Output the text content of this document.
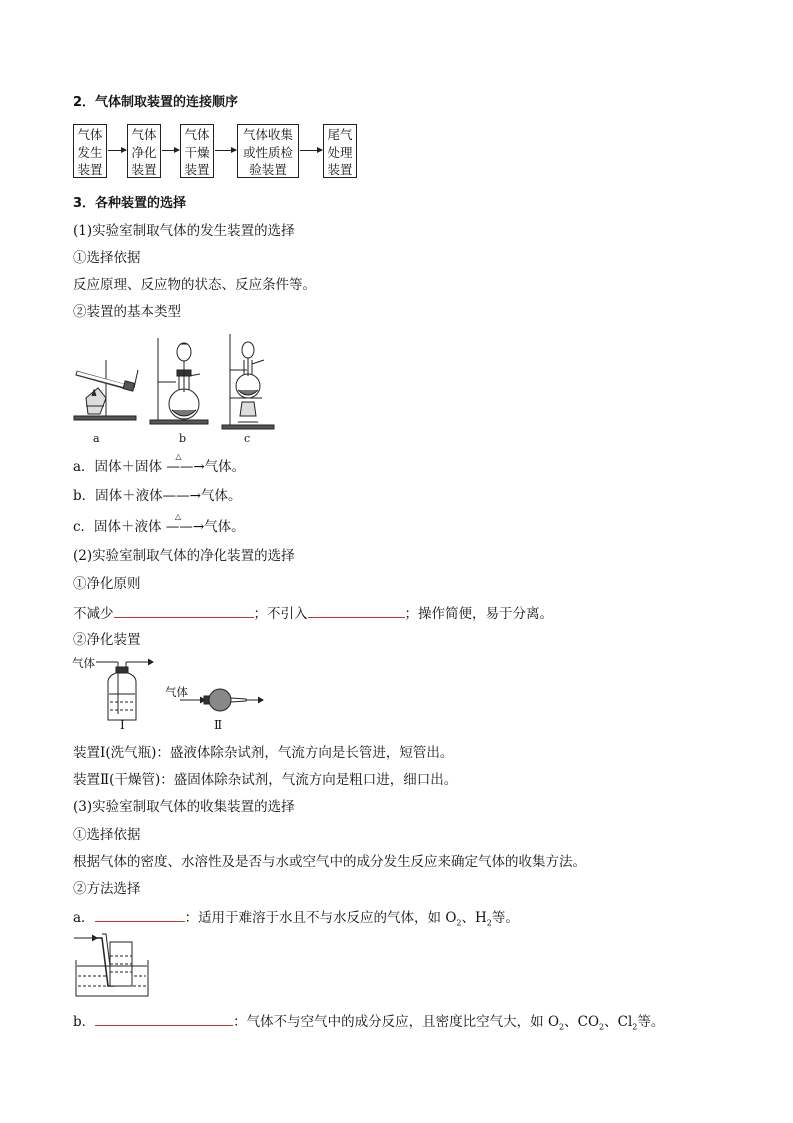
2．气体制取装置的连接顺序
气体
发生
装置
气体
净化
装置
气体
干燥
装置
气体收集
或性质检
验装置
尾气
处理
装置
3．各种装置的选择
(1)实验室制取气体的发生装置的选择
①选择依据
反应原理、反应物的状态、反应条件等。
②装置的基本类型
a	b	c
a．固体＋固体
△
——→气体。
b．固体＋液体——→气体。
c．固体＋液体
△
——→气体。
(2)实验室制取气体的净化装置的选择
①净化原则
不减少	；不引入	；操作简便，易于分离。
②净化装置
气体
气体
Ⅰ	Ⅱ
装置Ⅰ(洗气瓶)：盛液体除杂试剂，气流方向是长管进，短管出。
装置Ⅱ(干燥管)：盛固体除杂试剂，气流方向是粗口进，细口出。
(3)实验室制取气体的收集装置的选择
①选择依据
根据气体的密度、水溶性及是否与水或空气中的成分发生反应来确定气体的收集方法。
②方法选择
a．	：适用于难溶于水且不与水反应的气体，如 $O_2$、$H_2$等。
b．	：气体不与空气中的成分反应，且密度比空气大，如 $O_2$、$CO_2$、$Cl_2$等。
